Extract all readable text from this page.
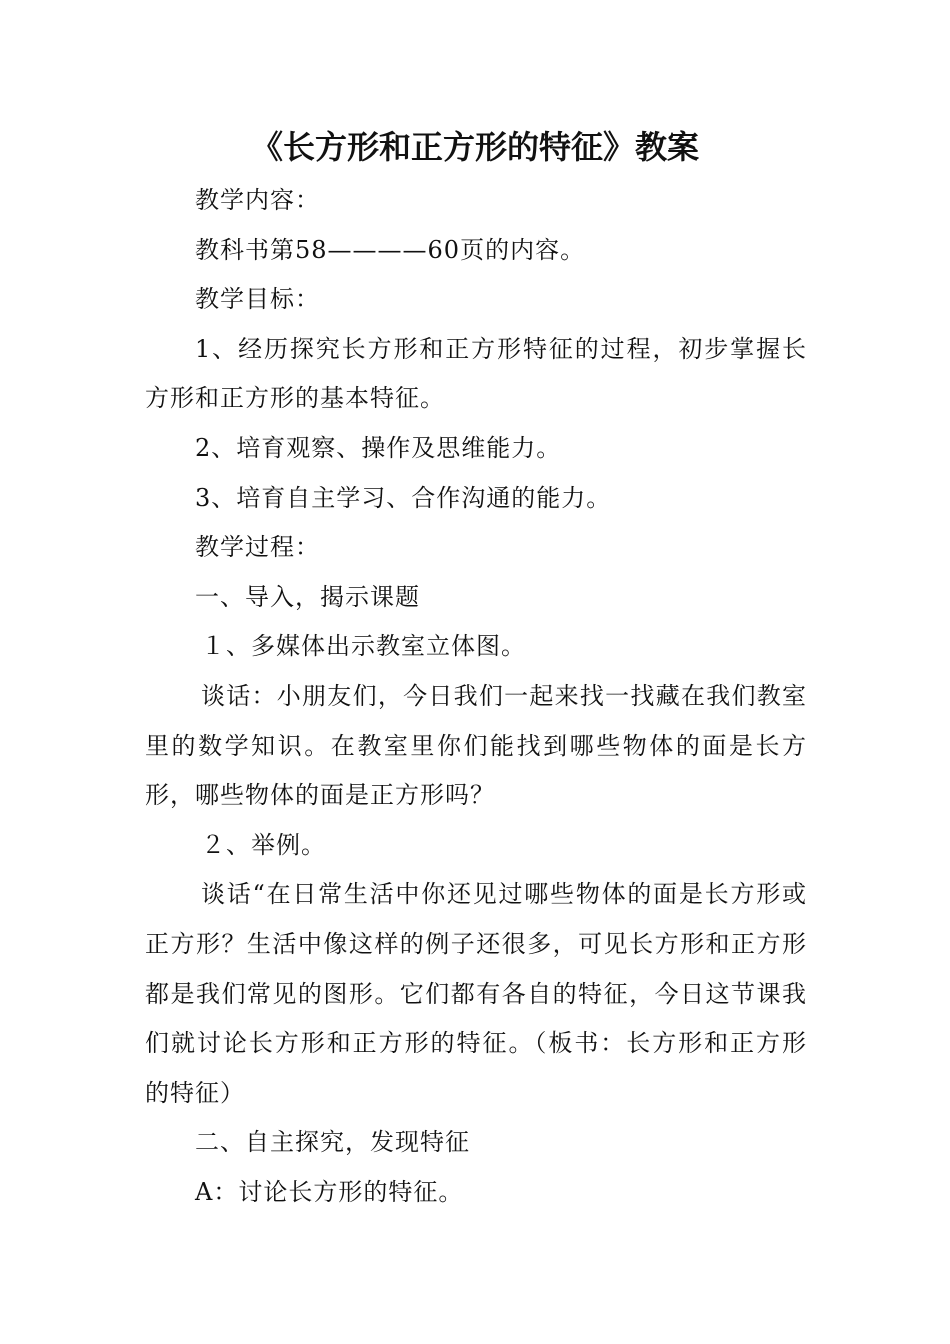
《长方形和正方形的特征》教案

教学内容：

教科书第58————60页的内容。

教学目标：

1、经历探究长方形和正方形特征的过程，初步掌握长方形和正方形的基本特征。

2、培育观察、操作及思维能力。

3、培育自主学习、合作沟通的能力。

教学过程：

一、导入，揭示课题

１、多媒体出示教室立体图。

谈话：小朋友们，今日我们一起来找一找藏在我们教室里的数学知识。在教室里你们能找到哪些物体的面是长方形，哪些物体的面是正方形吗？

２、举例。

谈话“在日常生活中你还见过哪些物体的面是长方形或正方形？生活中像这样的例子还很多，可见长方形和正方形都是我们常见的图形。它们都有各自的特征，今日这节课我们就讨论长方形和正方形的特征。（板书：长方形和正方形的特征）

二、自主探究，发现特征

A：讨论长方形的特征。
